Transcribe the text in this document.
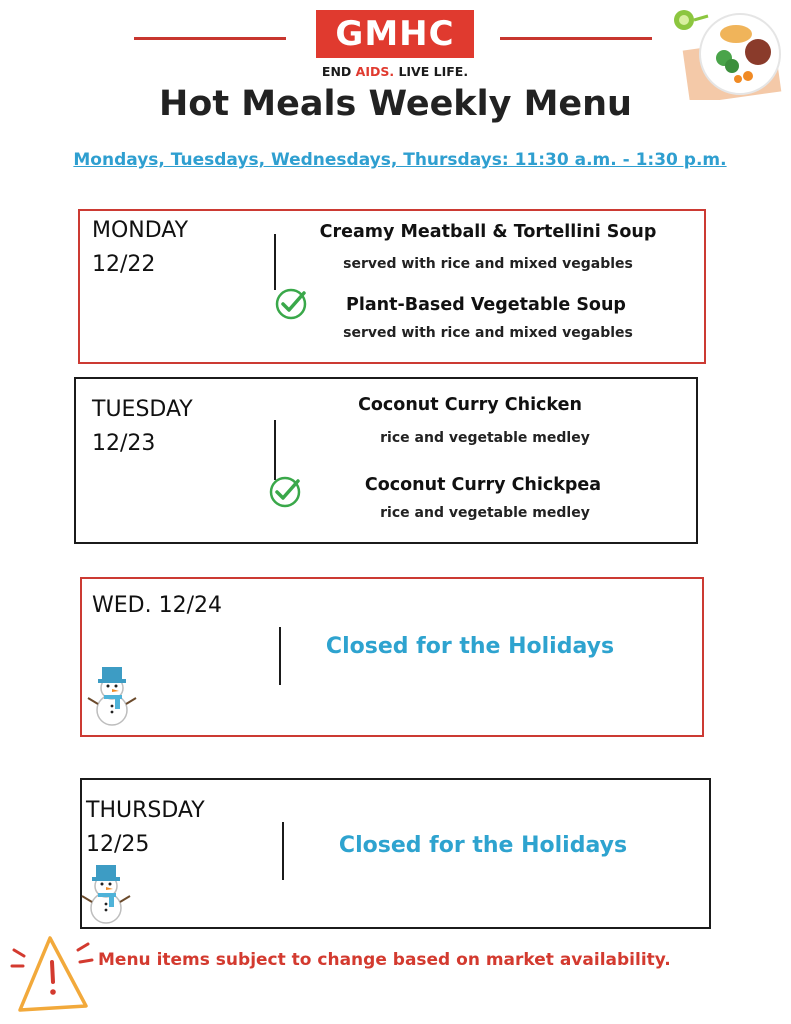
GMHC
END AIDS. LIVE LIFE.
Hot Meals Weekly Menu
Mondays, Tuesdays, Wednesdays, Thursdays: 11:30 a.m. - 1:30 p.m.
MONDAY
12/22
Creamy Meatball & Tortellini Soup
served with rice and mixed vegables
Plant-Based Vegetable Soup
served with rice and mixed vegables
TUESDAY
12/23
Coconut Curry Chicken
rice and vegetable medley
Coconut Curry Chickpea
rice and vegetable medley
WED. 12/24
Closed for the Holidays
THURSDAY
12/25	Closed for the Holidays
Menu items subject to change based on market availability.
